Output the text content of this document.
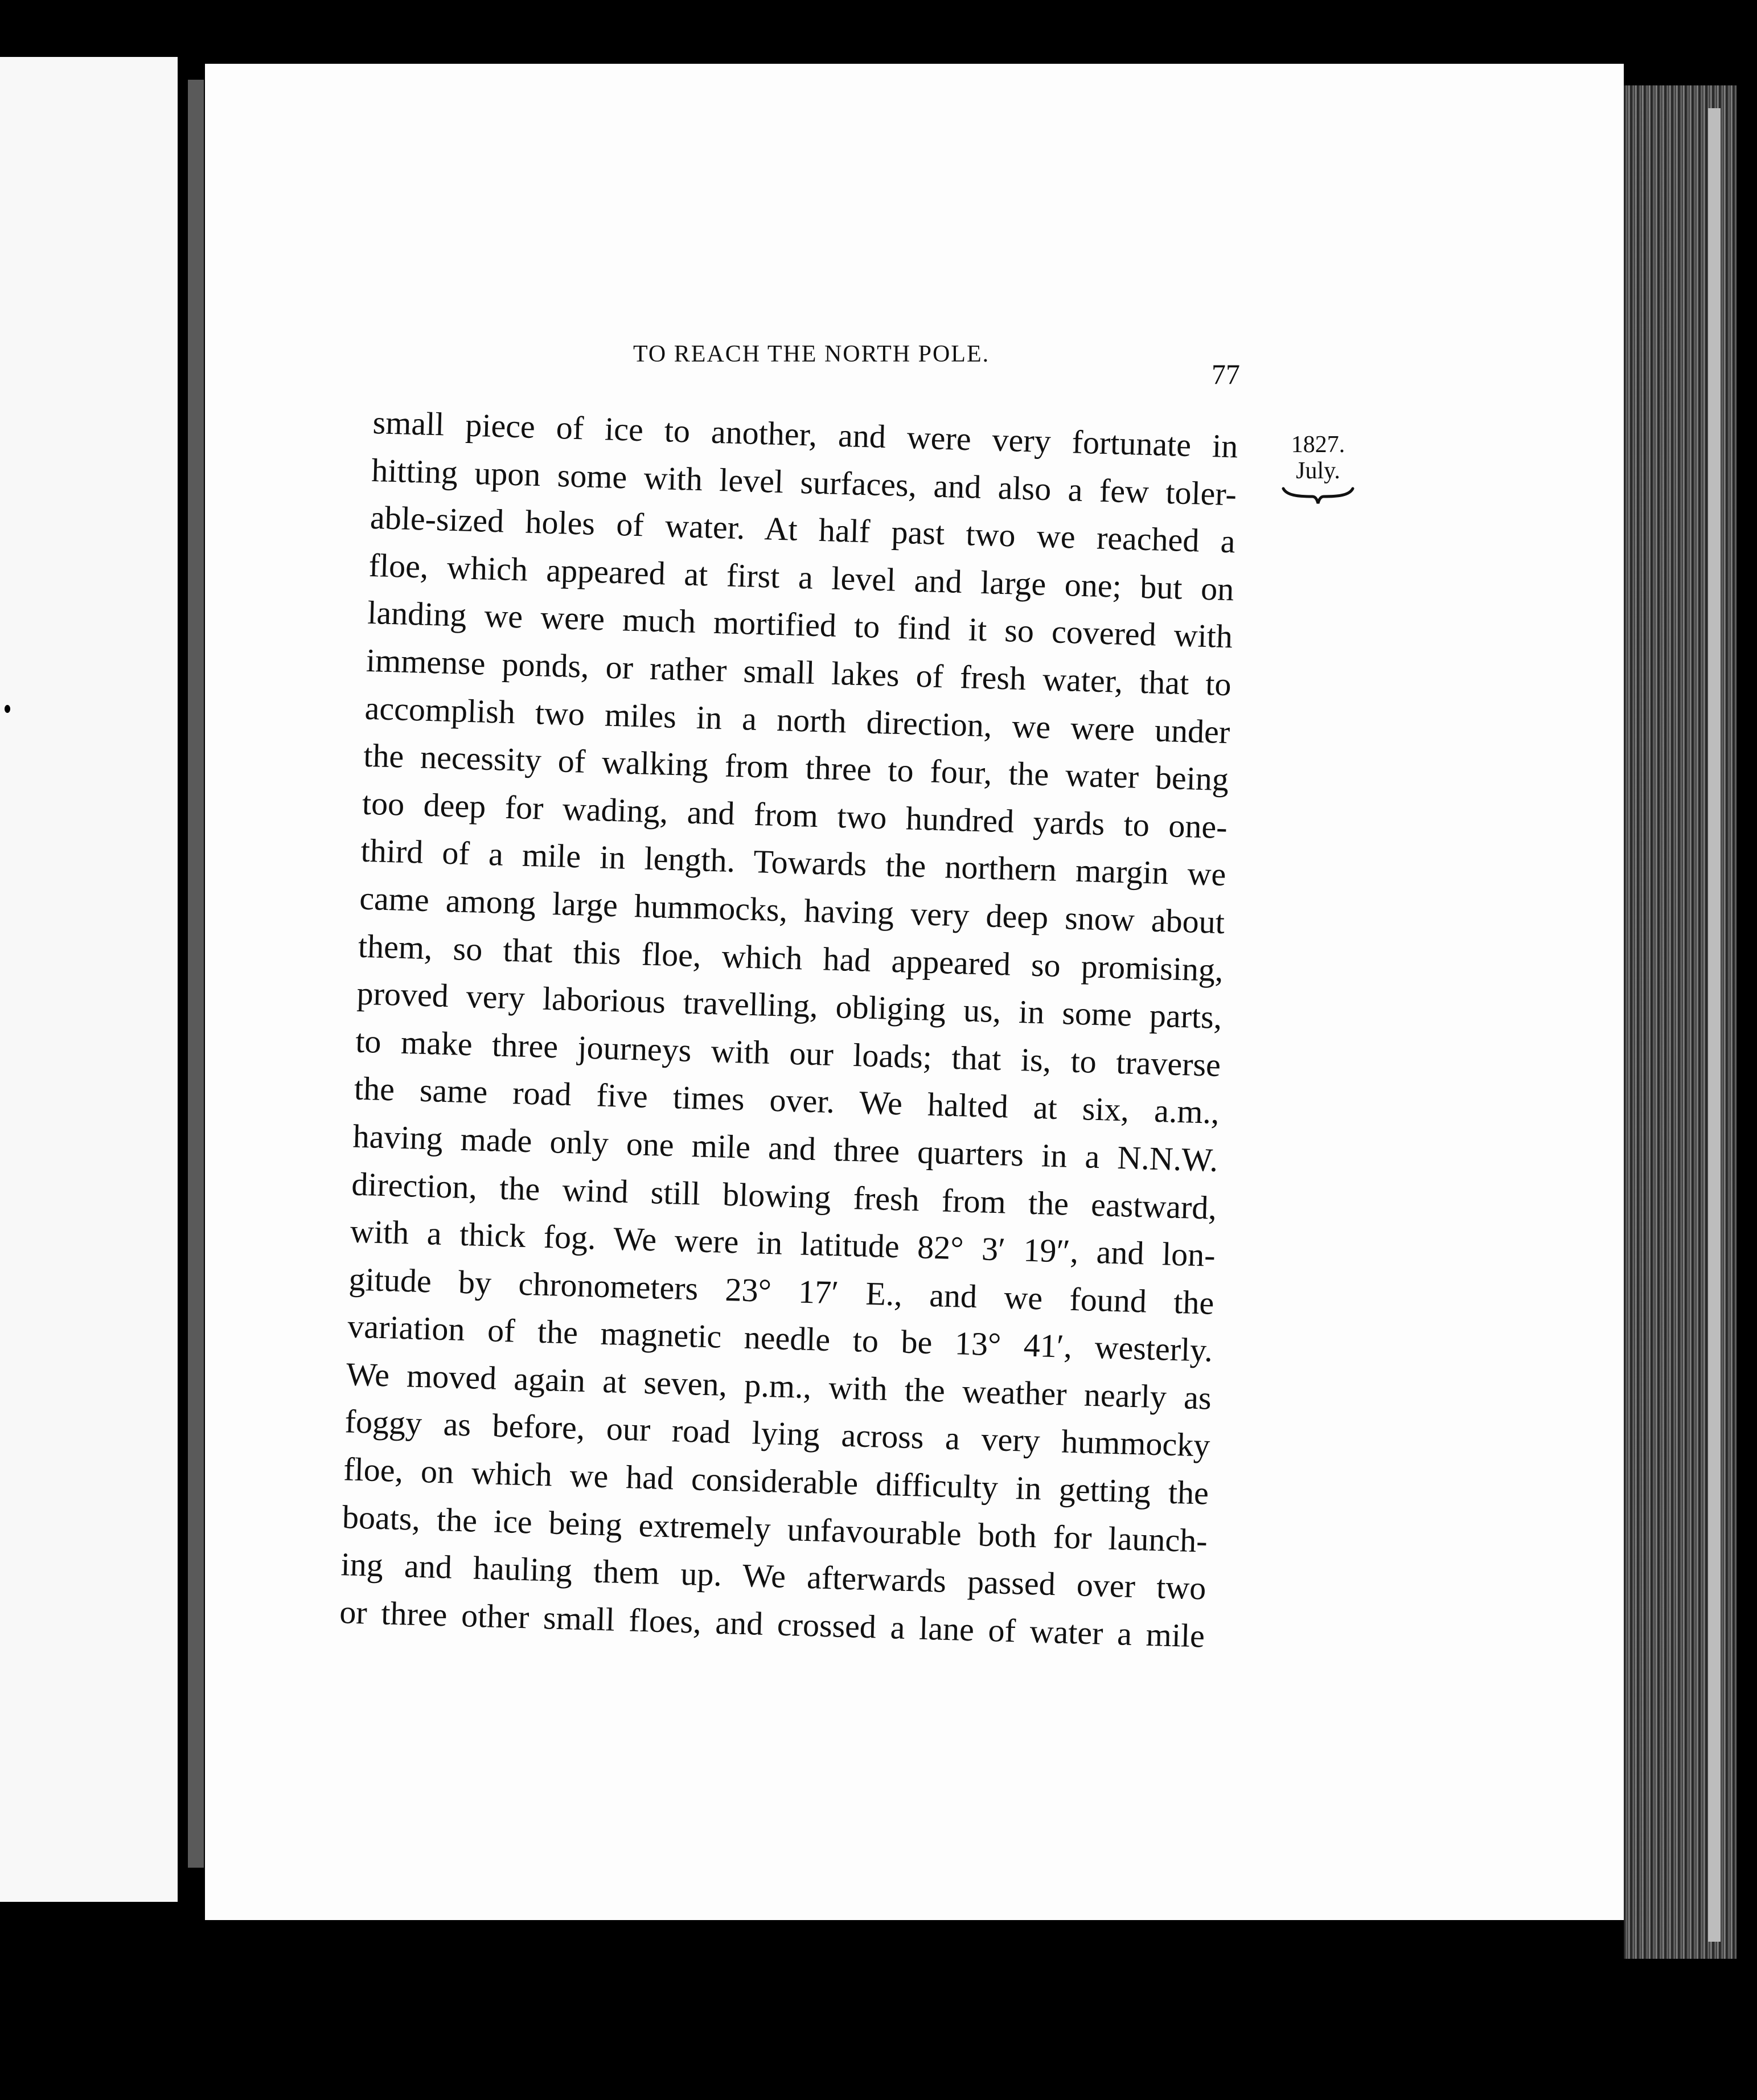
TO REACH THE NORTH POLE.
77
1827.
July.
small piece of ice to another, and were very fortunate in
hitting upon some with level surfaces, and also a few toler-
able-sized holes of water. At half past two we reached a
floe, which appeared at first a level and large one; but on
landing we were much mortified to find it so covered with
immense ponds, or rather small lakes of fresh water, that to
accomplish two miles in a north direction, we were under
the necessity of walking from three to four, the water being
too deep for wading, and from two hundred yards to one-
third of a mile in length. Towards the northern margin we
came among large hummocks, having very deep snow about
them, so that this floe, which had appeared so promising,
proved very laborious travelling, obliging us, in some parts,
to make three journeys with our loads; that is, to traverse
the same road five times over. We halted at six, a.m.,
having made only one mile and three quarters in a N.N.W.
direction, the wind still blowing fresh from the eastward,
with a thick fog. We were in latitude 82° 3′ 19″, and lon-
gitude by chronometers 23° 17′ E., and we found the
variation of the magnetic needle to be 13° 41′, westerly.
We moved again at seven, p.m., with the weather nearly as
foggy as before, our road lying across a very hummocky
floe, on which we had considerable difficulty in getting the
boats, the ice being extremely unfavourable both for launch-
ing and hauling them up. We afterwards passed over two
or three other small floes, and crossed a lane of water a mile
